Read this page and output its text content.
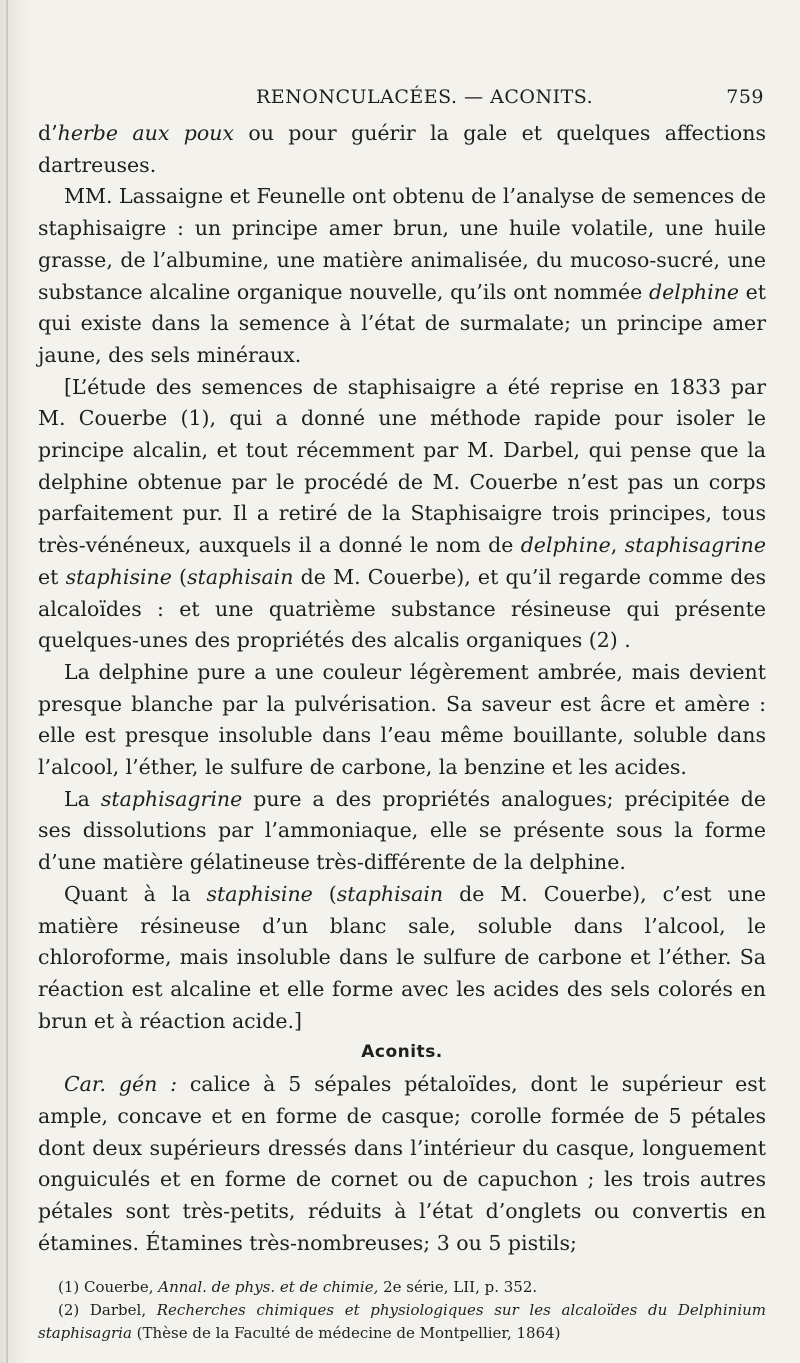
RENONCULACÉES. — ACONITS.	759

d’herbe aux poux ou pour guérir la gale et quelques affections dartreuses.

MM. Lassaigne et Feunelle ont obtenu de l’analyse de semences de staphisaigre : un principe amer brun, une huile volatile, une huile grasse, de l’albumine, une matière animalisée, du mucoso-sucré, une substance alcaline organique nouvelle, qu’ils ont nommée delphine et qui existe dans la semence à l’état de surmalate; un principe amer jaune, des sels minéraux.

[L’étude des semences de staphisaigre a été reprise en 1833 par M. Couerbe (1), qui a donné une méthode rapide pour isoler le principe alcalin, et tout récemment par M. Darbel, qui pense que la delphine obtenue par le procédé de M. Couerbe n’est pas un corps parfaitement pur. Il a retiré de la Staphisaigre trois principes, tous très-vénéneux, auxquels il a donné le nom de delphine, staphisagrine et staphisine (staphisain de M. Couerbe), et qu’il regarde comme des alcaloïdes : et une quatrième substance résineuse qui présente quelques-unes des propriétés des alcalis organiques (2) .

La delphine pure a une couleur légèrement ambrée, mais devient presque blanche par la pulvérisation. Sa saveur est âcre et amère : elle est presque insoluble dans l’eau même bouillante, soluble dans l’alcool, l’éther, le sulfure de carbone, la benzine et les acides.

La staphisagrine pure a des propriétés analogues; précipitée de ses dissolutions par l’ammoniaque, elle se présente sous la forme d’une matière gélatineuse très-différente de la delphine.

Quant à la staphisine (staphisain de M. Couerbe), c’est une matière résineuse d’un blanc sale, soluble dans l’alcool, le chloroforme, mais insoluble dans le sulfure de carbone et l’éther. Sa réaction est alcaline et elle forme avec les acides des sels colorés en brun et à réaction acide.]

Aconits.

Car. gén : calice à 5 sépales pétaloïdes, dont le supérieur est ample, concave et en forme de casque; corolle formée de 5 pétales dont deux supérieurs dressés dans l’intérieur du casque, longuement onguiculés et en forme de cornet ou de capuchon ; les trois autres pétales sont très-petits, réduits à l’état d’onglets ou convertis en étamines. Étamines très-nombreuses; 3 ou 5 pistils;

(1) Couerbe, Annal. de phys. et de chimie, 2e série, LII, p. 352.

(2) Darbel, Recherches chimiques et physiologiques sur les alcaloïdes du Delphinium staphisagria (Thèse de la Faculté de médecine de Montpellier, 1864)
